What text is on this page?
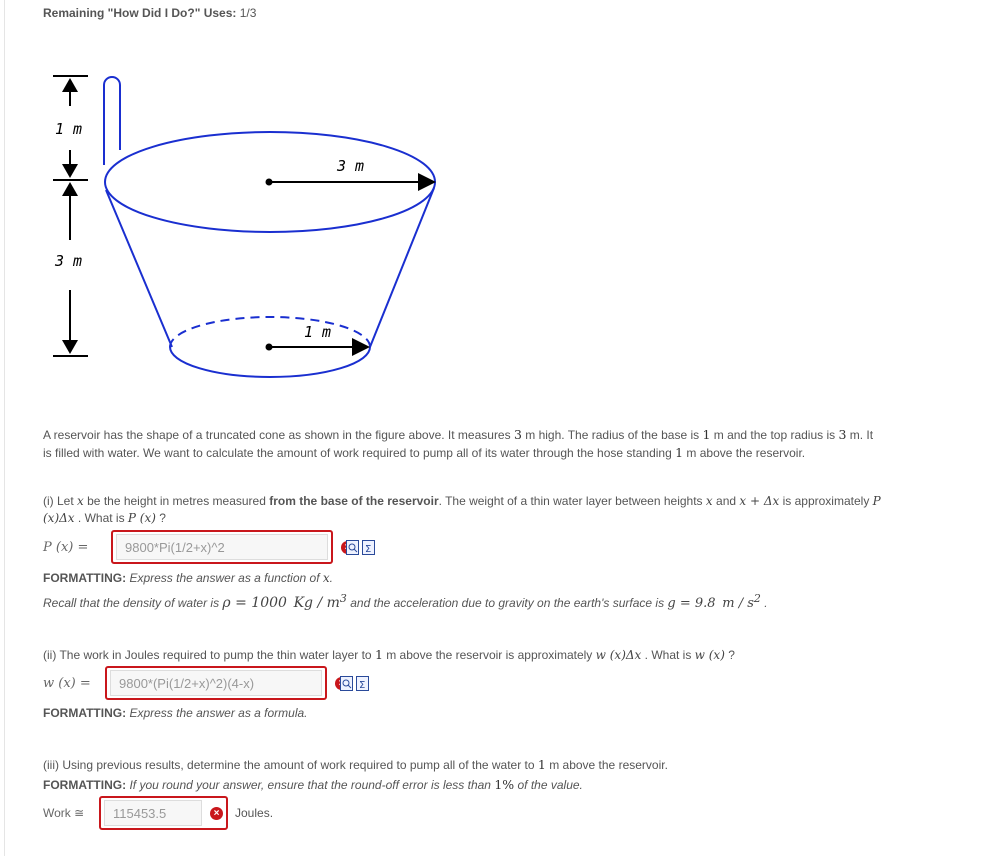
Remaining "How Did I Do?" Uses: 1/3
1 m
3 m
3 m
1 m
A reservoir has the shape of a truncated cone as shown in the figure above. It measures 3 m high. The radius of the base is 1 m and the top radius is 3 m. It is filled with water. We want to calculate the amount of work required to pump all of its water through the hose standing 1 m above the reservoir.
(i) Let x be the height in metres measured from the base of the reservoir. The weight of a thin water layer between heights x and x + Δx is approximately P (x)Δx . What is P (x) ?
P (x) =	9800*Pi(1/2+x)^2	Σ
FORMATTING: Express the answer as a function of x.
Recall that the density of water is ρ = 1000 Kg / $m^3$ and the acceleration due to gravity on the earth's surface is g = 9.8 m / $s^2$ .
(ii) The work in Joules required to pump the thin water layer to 1 m above the reservoir is approximately w (x)Δx . What is w (x) ?
w (x) =	9800*(Pi(1/2+x)^2)(4-x)	Σ
FORMATTING: Express the answer as a formula.
(iii) Using previous results, determine the amount of work required to pump all of the water to 1 m above the reservoir.
FORMATTING: If you round your answer, ensure that the round-off error is less than 1% of the value.
Work ≅	115453.5	× Joules.
